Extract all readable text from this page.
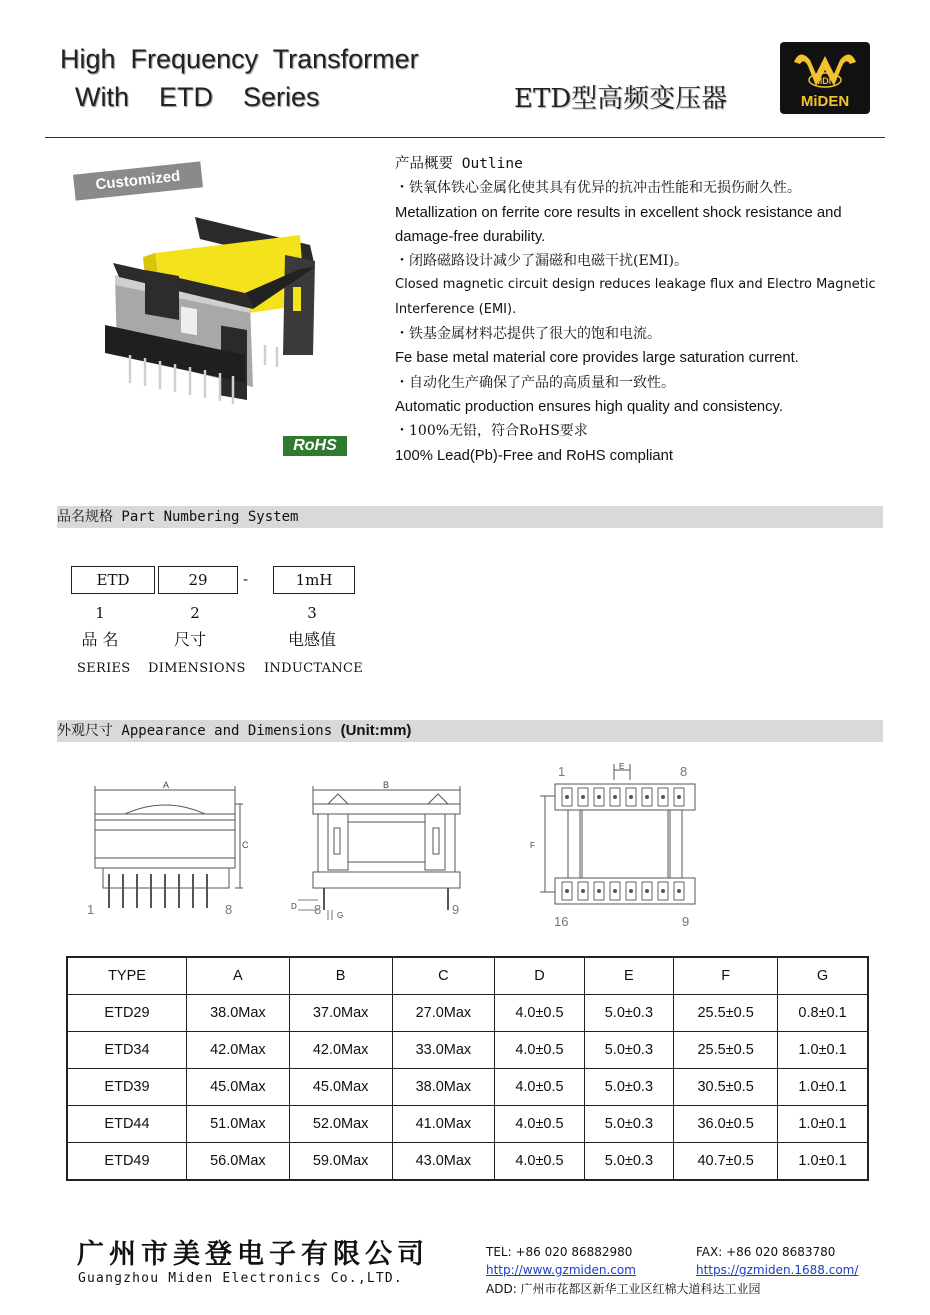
High  Frequency  Transformer
With    ETD    Series	ETD型高频变压器
MDN
MiDEN
Customized
RoHS
产品概要 Outline
・铁氧体铁心金属化使其具有优异的抗冲击性能和无损伤耐久性。
Metallization on ferrite core results in excellent shock resistance and damage-free durability.
・闭路磁路设计减少了漏磁和电磁干扰(EMI)。
Closed magnetic circuit design reduces leakage flux and Electro Magnetic Interference (EMI).
・铁基金属材料芯提供了很大的饱和电流。
Fe base metal material core provides large saturation current.
・自动化生产确保了产品的高质量和一致性。
Automatic production ensures high quality and consistency.
・100%无铅，符合RoHS要求
100% Lead(Pb)-Free and RoHS compliant
品名规格 Part Numbering System
ETD	29	-	1mH
1	2	3
品 名	尺寸	电感值
SERIES DIMENSIONS INDUCTANCE
外观尺寸 Appearance and Dimensions (Unit:mm)
A
C
1	8
B
D
G
8	9
E
F
1	8
16	9
TYPE	A	B	C	D	E	F	G
ETD29	38.0Max	37.0Max	27.0Max	4.0±0.5	5.0±0.3	25.5±0.5	0.8±0.1
ETD34	42.0Max	42.0Max	33.0Max	4.0±0.5	5.0±0.3	25.5±0.5	1.0±0.1
ETD39	45.0Max	45.0Max	38.0Max	4.0±0.5	5.0±0.3	30.5±0.5	1.0±0.1
ETD44	51.0Max	52.0Max	41.0Max	4.0±0.5	5.0±0.3	36.0±0.5	1.0±0.1
ETD49	56.0Max	59.0Max	43.0Max	4.0±0.5	5.0±0.3	40.7±0.5	1.0±0.1
广州市美登电子有限公司
Guangzhou Miden Electronics Co.,LTD.
TEL: +86 020 86882980	FAX: +86 020 8683780
http://www.gzmiden.com	https://gzmiden.1688.com/
ADD: 广州市花都区新华工业区红棉大道科达工业园
